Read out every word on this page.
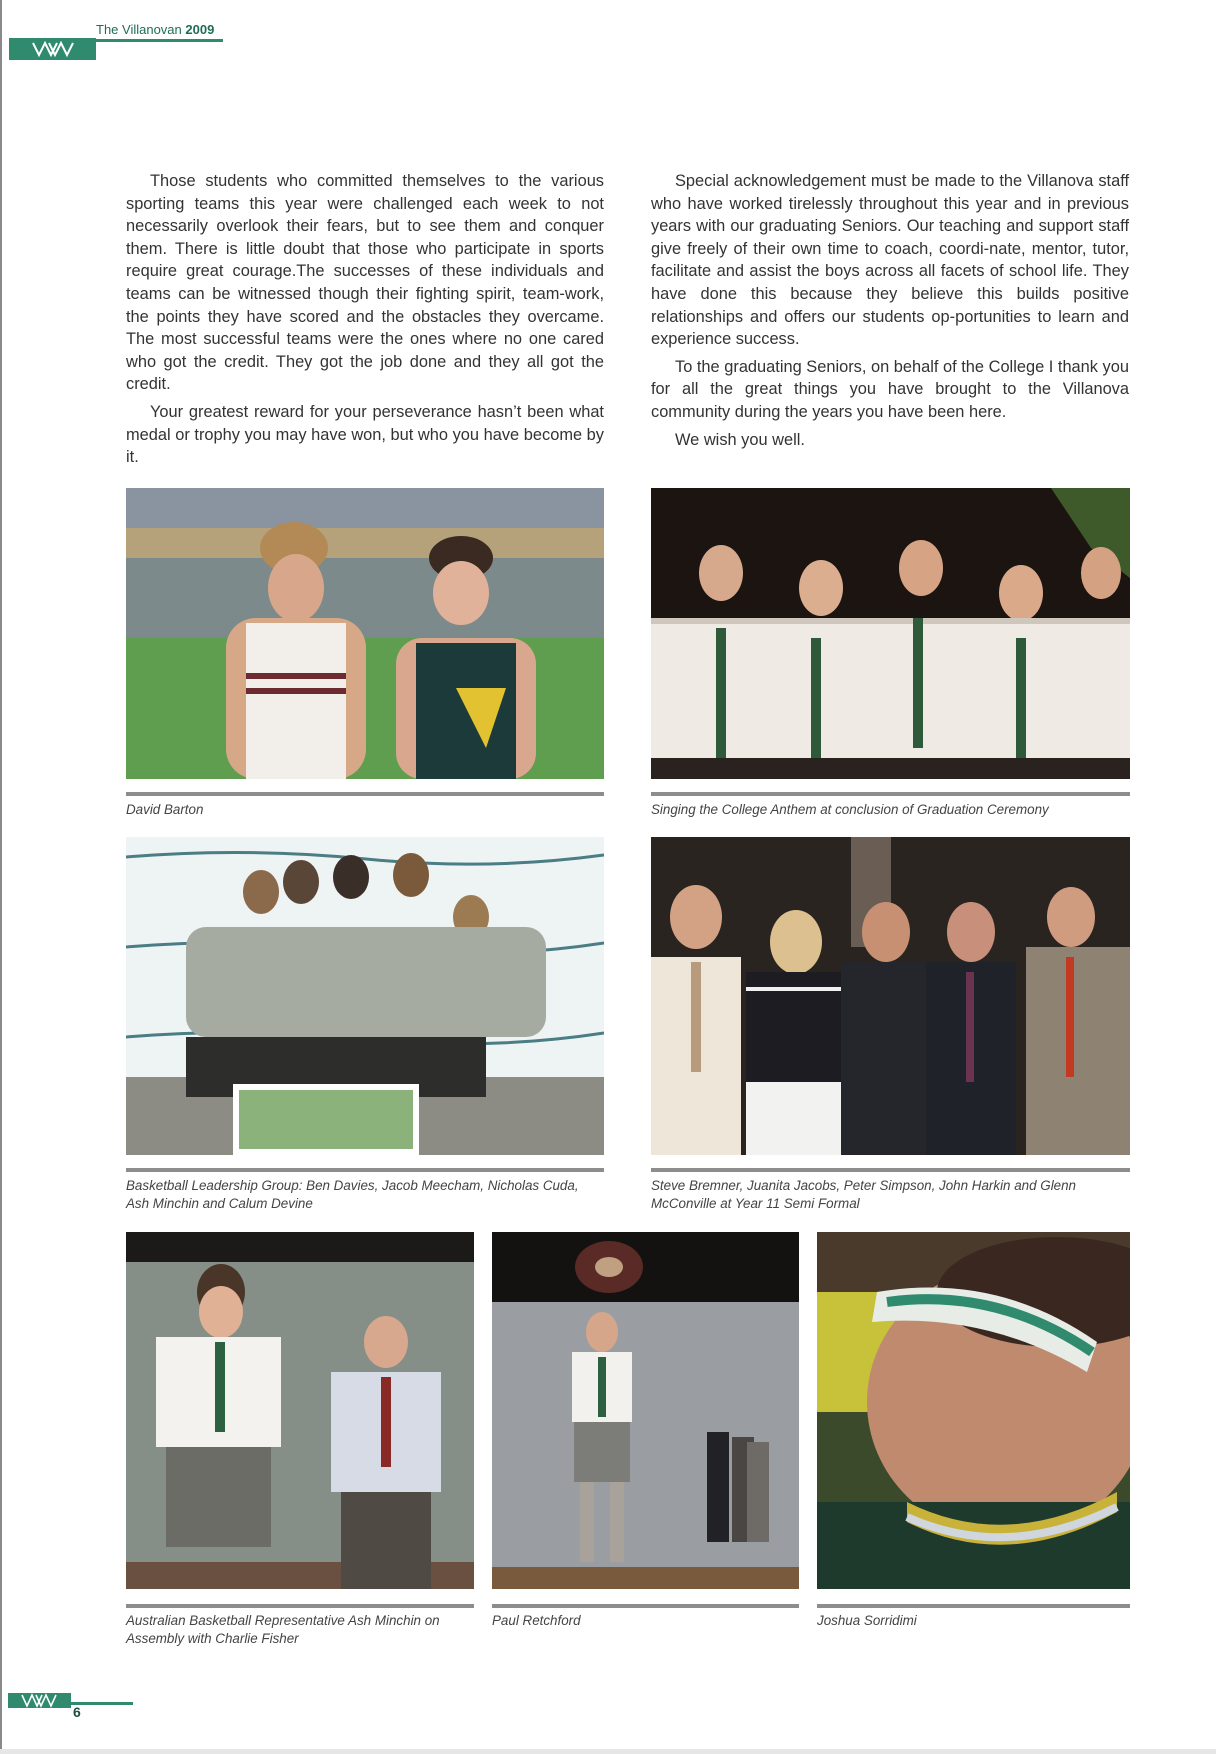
The Villanovan 2009

Those students who committed themselves to the various sporting teams this year were challenged each week to not necessarily overlook their fears, but to see them and conquer them. There is little doubt that those who participate in sports require great courage.The successes of these individuals and teams can be witnessed though their fighting spirit, team-work, the points they have scored and the obstacles they overcame. The most successful teams were the ones where no one cared who got the credit. They got the job done and they all got the credit.

Your greatest reward for your perseverance hasn’t been what medal or trophy you may have won, but who you have become by it.

Special acknowledgement must be made to the Villanova staff who have worked tirelessly throughout this year and in previous years with our graduating Seniors. Our teaching and support staff give freely of their own time to coach, coordi-nate, mentor, tutor, facilitate and assist the boys across all facets of school life. They have done this because they believe this builds positive relationships and offers our students op-portunities to learn and experience success.

To the graduating Seniors, on behalf of the College I thank you for all the great things you have brought to the Villanova community during the years you have been here.

We wish you well.

David Barton	Singing the College Anthem at conclusion of Graduation Ceremony
Basketball Leadership Group: Ben Davies, Jacob Meecham, Nicholas Cuda, Ash Minchin and Calum Devine
Steve Bremner, Juanita Jacobs, Peter Simpson, John Harkin and Glenn McConville at Year 11 Semi Formal
Australian Basketball Representative Ash Minchin on Assembly with Charlie Fisher
Paul Retchford	Joshua Sorridimi
6
